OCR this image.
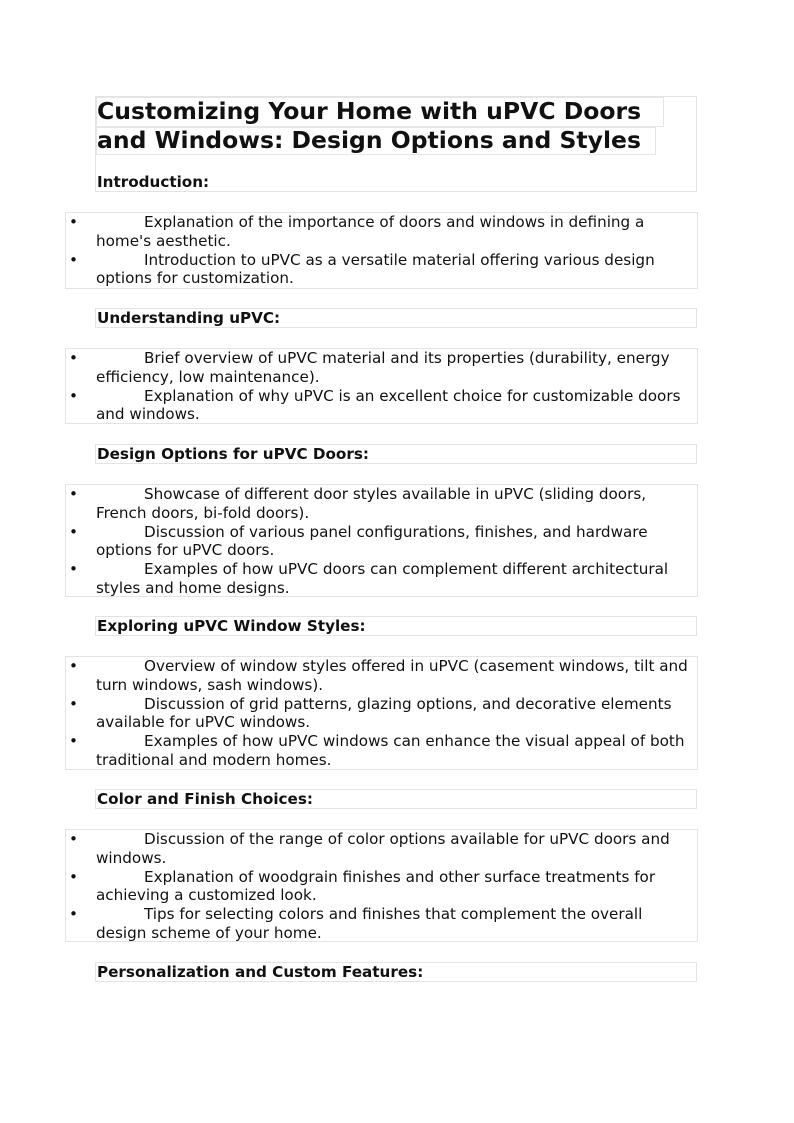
Customizing Your Home with uPVC Doors
and Windows: Design Options and Styles
Introduction:
•	Explanation of the importance of doors and windows in defining a home's aesthetic.
•	Introduction to uPVC as a versatile material offering various design options for customization.
Understanding uPVC:
•	Brief overview of uPVC material and its properties (durability, energy efficiency, low maintenance).
•	Explanation of why uPVC is an excellent choice for customizable doors and windows.
Design Options for uPVC Doors:
•	Showcase of different door styles available in uPVC (sliding doors, French doors, bi-fold doors).
•	Discussion of various panel configurations, finishes, and hardware options for uPVC doors.
•	Examples of how uPVC doors can complement different architectural styles and home designs.
Exploring uPVC Window Styles:
•	Overview of window styles offered in uPVC (casement windows, tilt and turn windows, sash windows).
•	Discussion of grid patterns, glazing options, and decorative elements available for uPVC windows.
•	Examples of how uPVC windows can enhance the visual appeal of both traditional and modern homes.
Color and Finish Choices:
•	Discussion of the range of color options available for uPVC doors and windows.
•	Explanation of woodgrain finishes and other surface treatments for achieving a customized look.
•	Tips for selecting colors and finishes that complement the overall design scheme of your home.
Personalization and Custom Features:
